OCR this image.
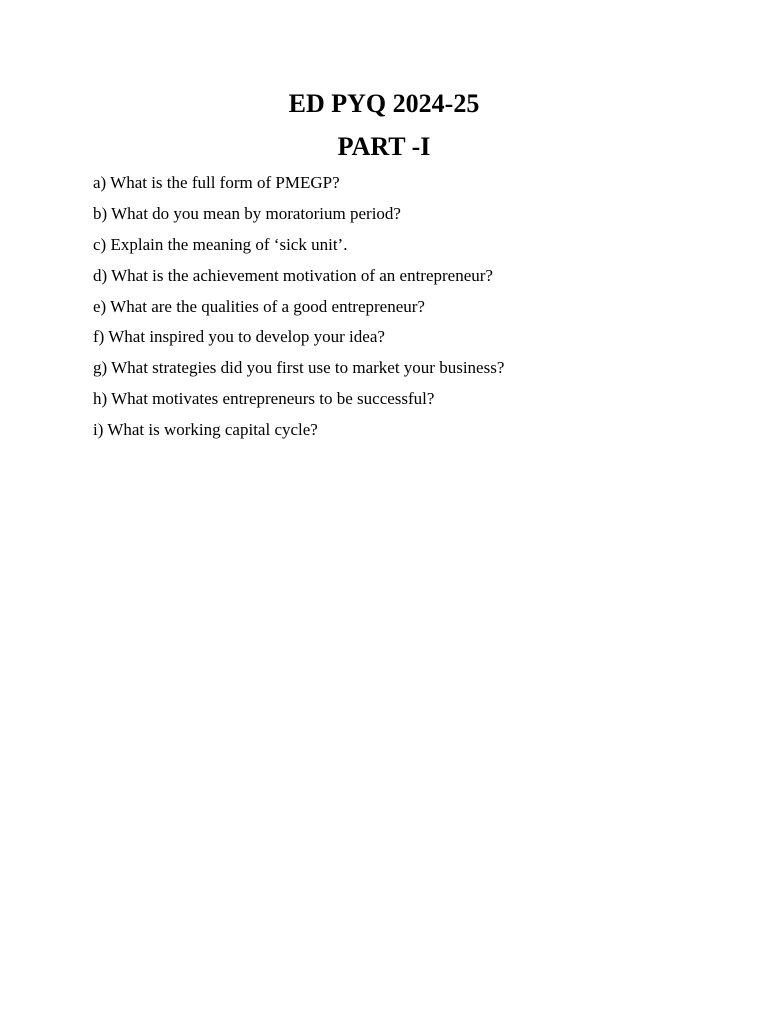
ED PYQ 2024-25
PART -I
a) What is the full form of PMEGP?
b) What do you mean by moratorium period?
c) Explain the meaning of ‘sick unit’.
d) What is the achievement motivation of an entrepreneur?
e) What are the qualities of a good entrepreneur?
f) What inspired you to develop your idea?
g) What strategies did you first use to market your business?
h) What motivates entrepreneurs to be successful?
i) What is working capital cycle?
